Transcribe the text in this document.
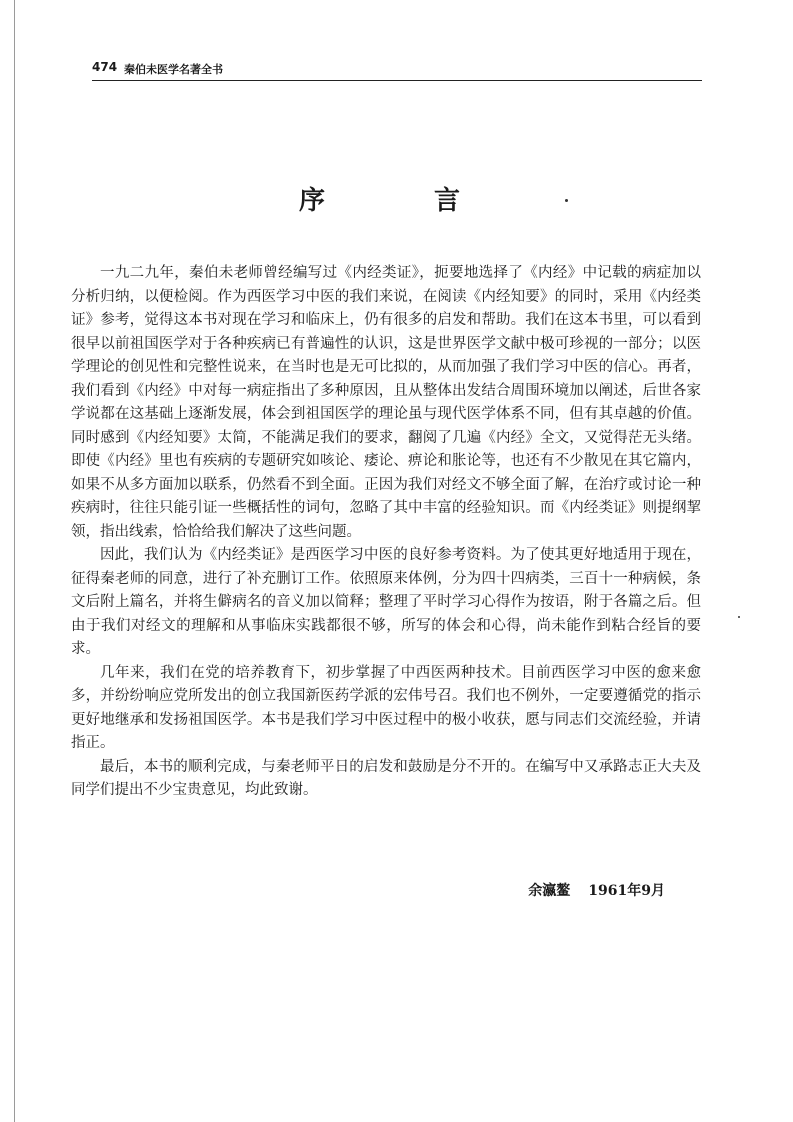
474 秦伯未医学名著全书
序 言

一九二九年，秦伯未老师曾经编写过《内经类证》，扼要地选择了《内经》中记载的病症加以分析归纳，以便检阅。作为西医学习中医的我们来说，在阅读《内经知要》的同时，采用《内经类证》参考，觉得这本书对现在学习和临床上，仍有很多的启发和帮助。我们在这本书里，可以看到很早以前祖国医学对于各种疾病已有普遍性的认识，这是世界医学文献中极可珍视的一部分；以医学理论的创见性和完整性说来，在当时也是无可比拟的，从而加强了我们学习中医的信心。再者，我们看到《内经》中对每一病症指出了多种原因，且从整体出发结合周围环境加以阐述，后世各家学说都在这基础上逐渐发展，体会到祖国医学的理论虽与现代医学体系不同，但有其卓越的价值。同时感到《内经知要》太简，不能满足我们的要求，翻阅了几遍《内经》全文，又觉得茫无头绪。即使《内经》里也有疾病的专题研究如咳论、痿论、痹论和胀论等，也还有不少散见在其它篇内，如果不从多方面加以联系，仍然看不到全面。正因为我们对经文不够全面了解，在治疗或讨论一种疾病时，往往只能引证一些概括性的词句，忽略了其中丰富的经验知识。而《内经类证》则提纲挈领，指出线索，恰恰给我们解决了这些问题。

因此，我们认为《内经类证》是西医学习中医的良好参考资料。为了使其更好地适用于现在，征得秦老师的同意，进行了补充删订工作。依照原来体例，分为四十四病类，三百十一种病候，条文后附上篇名，并将生僻病名的音义加以简释；整理了平时学习心得作为按语，附于各篇之后。但由于我们对经文的理解和从事临床实践都很不够，所写的体会和心得，尚未能作到粘合经旨的要求。

几年来，我们在党的培养教育下，初步掌握了中西医两种技术。目前西医学习中医的愈来愈多，并纷纷响应党所发出的创立我国新医药学派的宏伟号召。我们也不例外，一定要遵循党的指示更好地继承和发扬祖国医学。本书是我们学习中医过程中的极小收获，愿与同志们交流经验，并请指正。

最后，本书的顺利完成，与秦老师平日的启发和鼓励是分不开的。在编写中又承路志正大夫及同学们提出不少宝贵意见，均此致谢。

余瀛鳌 1961年9月
